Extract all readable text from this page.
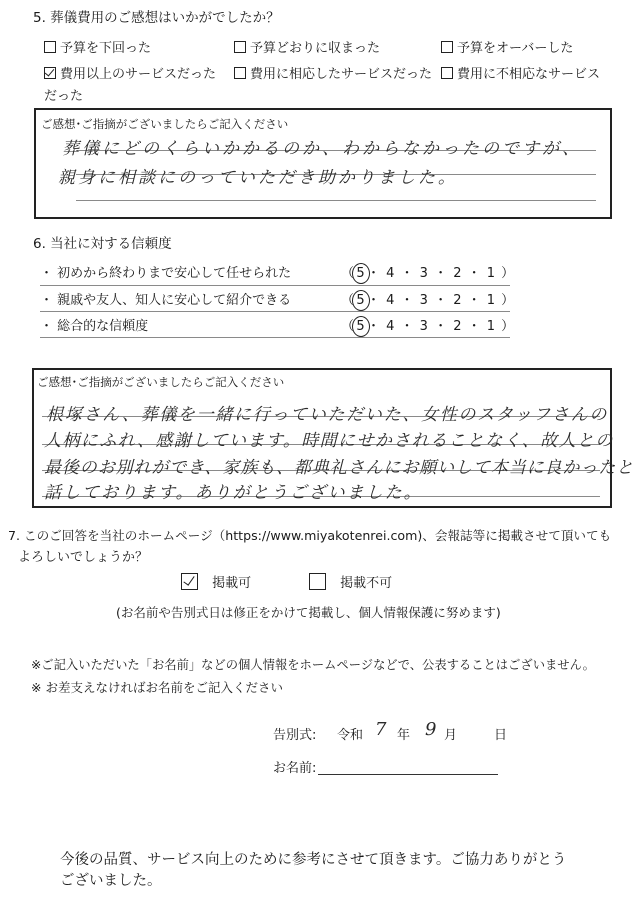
5. 葬儀費用のご感想はいかがでしたか？
予算を下回った	予算どおりに収まった	予算をオーバーした
費用以上のサービスだった	費用に相応したサービスだった	費用に不相応なサービス
だった
ご感想･ご指摘がございましたらご記入ください
葬儀にどのくらいかかるのか、わからなかったのですが、
親身に相談にのっていただき助かりました。
6. 当社に対する信頼度
・ 初めから終わりまで安心して任せられた	（5・ 4 ・ 3 ・ 2 ・ 1 ）
・ 親戚や友人、知人に安心して紹介できる	（5・ 4 ・ 3 ・ 2 ・ 1 ）
・ 総合的な信頼度	（5・ 4 ・ 3 ・ 2 ・ 1 ）
ご感想･ご指摘がございましたらご記入ください
根塚さん、葬儀を一緒に行っていただいた、女性のスタッフさんの
人柄にふれ、感謝しています。時間にせかされることなく、故人との
最後のお別れができ、家族も、都典礼さんにお願いして本当に良かったと
話しております。ありがとうございました。
7. このご回答を当社のホームページ（https://www.miyakotenrei.com)、会報誌等に掲載させて頂いても
よろしいでしょうか？
掲載可	掲載不可
(お名前や告別式日は修正をかけて掲載し、個人情報保護に努めます)
※ご記入いただいた「お名前」などの個人情報をホームページなどで、公表することはございません。
※ お差支えなければお名前をご記入ください
告別式: 令和 7 年 9 月	日
お名前:
今後の品質、サービス向上のために参考にさせて頂きます。ご協力ありがとう
ございました。
